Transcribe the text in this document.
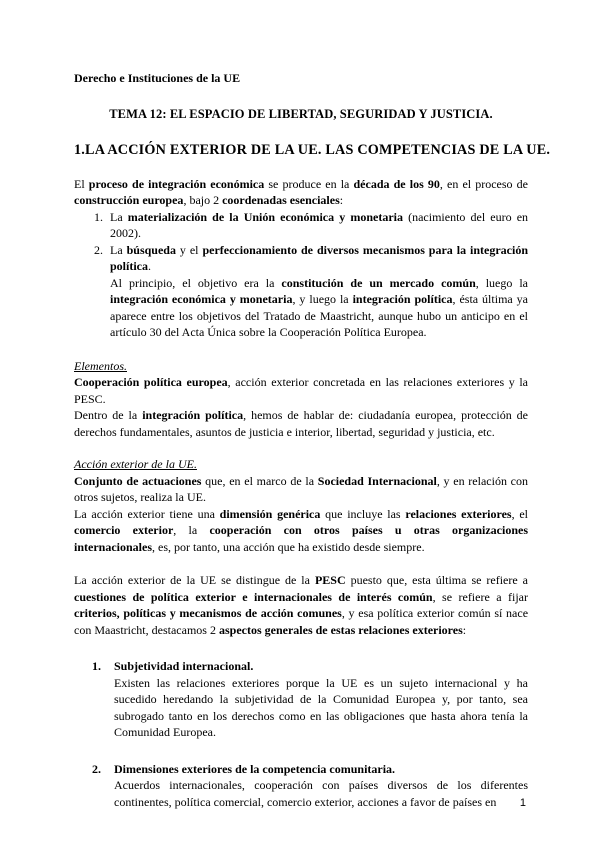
Derecho e Instituciones de la UE

TEMA 12: EL ESPACIO DE LIBERTAD, SEGURIDAD Y JUSTICIA.

1.LA ACCIÓN EXTERIOR DE LA UE. LAS COMPETENCIAS DE LA UE.

El proceso de integración económica se produce en la década de los 90, en el proceso de construcción europea, bajo 2 coordenadas esenciales:

1. La materialización de la Unión económica y monetaria (nacimiento del euro en 2002).
2. La búsqueda y el perfeccionamiento de diversos mecanismos para la integración política.
Al principio, el objetivo era la constitución de un mercado común, luego la integración económica y monetaria, y luego la integración política, ésta última ya aparece entre los objetivos del Tratado de Maastricht, aunque hubo un anticipo en el artículo 30 del Acta Única sobre la Cooperación Política Europea.

Elementos.

Cooperación política europea, acción exterior concretada en las relaciones exteriores y la PESC.

Dentro de la integración política, hemos de hablar de: ciudadanía europea, protección de derechos fundamentales, asuntos de justicia e interior, libertad, seguridad y justicia, etc.

Acción exterior de la UE.

Conjunto de actuaciones que, en el marco de la Sociedad Internacional, y en relación con otros sujetos, realiza la UE.

La acción exterior tiene una dimensión genérica que incluye las relaciones exteriores, el comercio exterior, la cooperación con otros países u otras organizaciones internacionales, es, por tanto, una acción que ha existido desde siempre.

La acción exterior de la UE se distingue de la PESC puesto que, esta última se refiere a cuestiones de política exterior e internacionales de interés común, se refiere a fijar criterios, políticas y mecanismos de acción comunes, y esa política exterior común sí nace con Maastricht, destacamos 2 aspectos generales de estas relaciones exteriores:

1. Subjetividad internacional.

Existen las relaciones exteriores porque la UE es un sujeto internacional y ha sucedido heredando la subjetividad de la Comunidad Europea y, por tanto, sea subrogado tanto en los derechos como en las obligaciones que hasta ahora tenía la Comunidad Europea.

2. Dimensiones exteriores de la competencia comunitaria.

Acuerdos internacionales, cooperación con países diversos de los diferentes continentes, política comercial, comercio exterior, acciones a favor de países en	1
